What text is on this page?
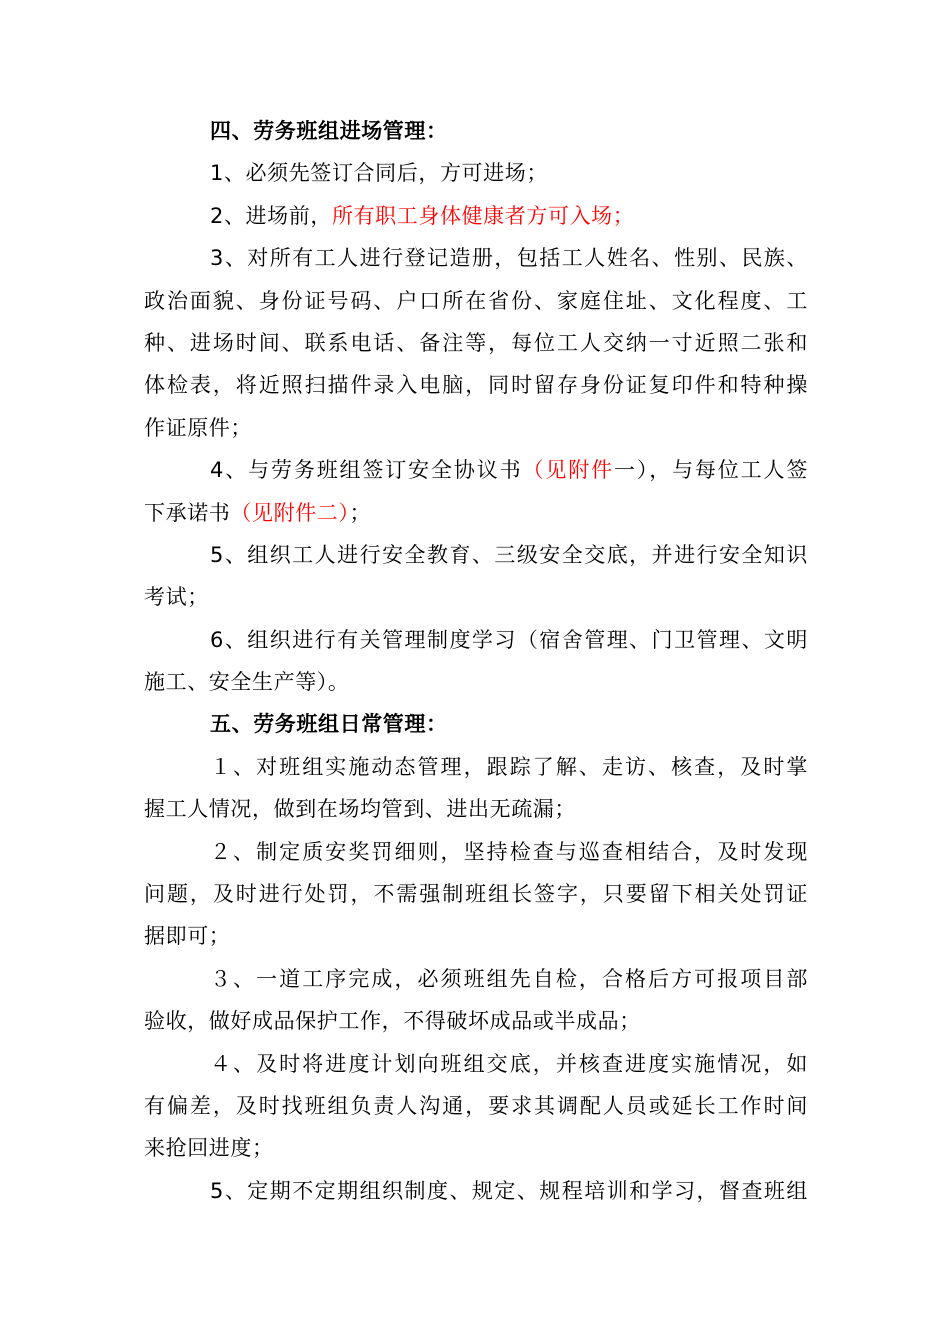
四、劳务班组进场管理：
1、必须先签订合同后，方可进场；
2、进场前，所有职工身体健康者方可入场；
3、对所有工人进行登记造册，包括工人姓名、性别、民族、
政治面貌、身份证号码、户口所在省份、家庭住址、文化程度、工
种、进场时间、联系电话、备注等，每位工人交纳一寸近照二张和
体检表，将近照扫描件录入电脑，同时留存身份证复印件和特种操
作证原件；
4、与劳务班组签订安全协议书（见附件一），与每位工人签
下承诺书（见附件二）；
5、组织工人进行安全教育、三级安全交底，并进行安全知识
考试；
6、组织进行有关管理制度学习（宿舍管理、门卫管理、文明
施工、安全生产等）。
五、劳务班组日常管理：
１、对班组实施动态管理，跟踪了解、走访、核查，及时掌
握工人情况，做到在场均管到、进出无疏漏；
２、制定质安奖罚细则，坚持检查与巡查相结合，及时发现
问题，及时进行处罚，不需强制班组长签字，只要留下相关处罚证
据即可；
３、一道工序完成，必须班组先自检，合格后方可报项目部
验收，做好成品保护工作，不得破坏成品或半成品；
４、及时将进度计划向班组交底，并核查进度实施情况，如
有偏差，及时找班组负责人沟通，要求其调配人员或延长工作时间
来抢回进度；
5、定期不定期组织制度、规定、规程培训和学习，督查班组
